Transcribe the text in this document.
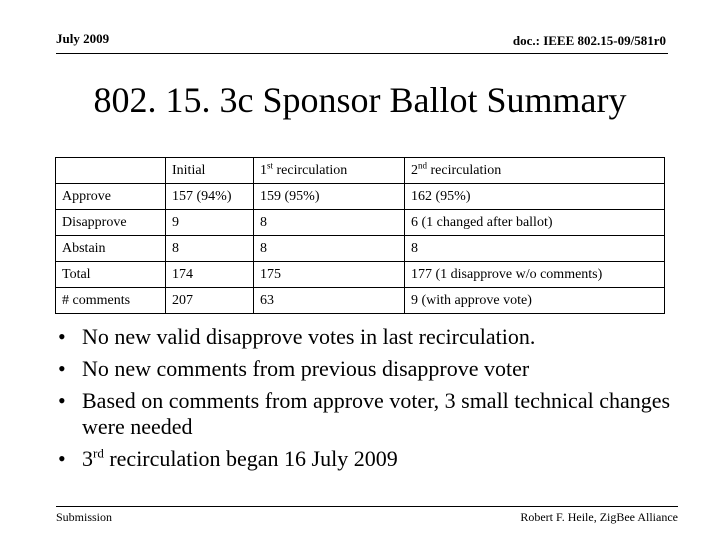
July 2009	doc.: IEEE 802.15-09/581r0
802. 15. 3c Sponsor Ballot Summary
	Initial	1st recirculation	2nd recirculation
Approve	157 (94%)	159 (95%)	162 (95%)
Disapprove	9	8	6 (1 changed after ballot)
Abstain	8	8	8
Total	174	175	177 (1 disapprove w/o comments)
# comments	207	63	9 (with approve vote)
• No new valid disapprove votes in last recirculation.
• No new comments from previous disapprove voter
• Based on comments from approve voter, 3 small technical changes were needed
• 3rd recirculation began 16 July 2009
Submission	Robert F. Heile, ZigBee Alliance
